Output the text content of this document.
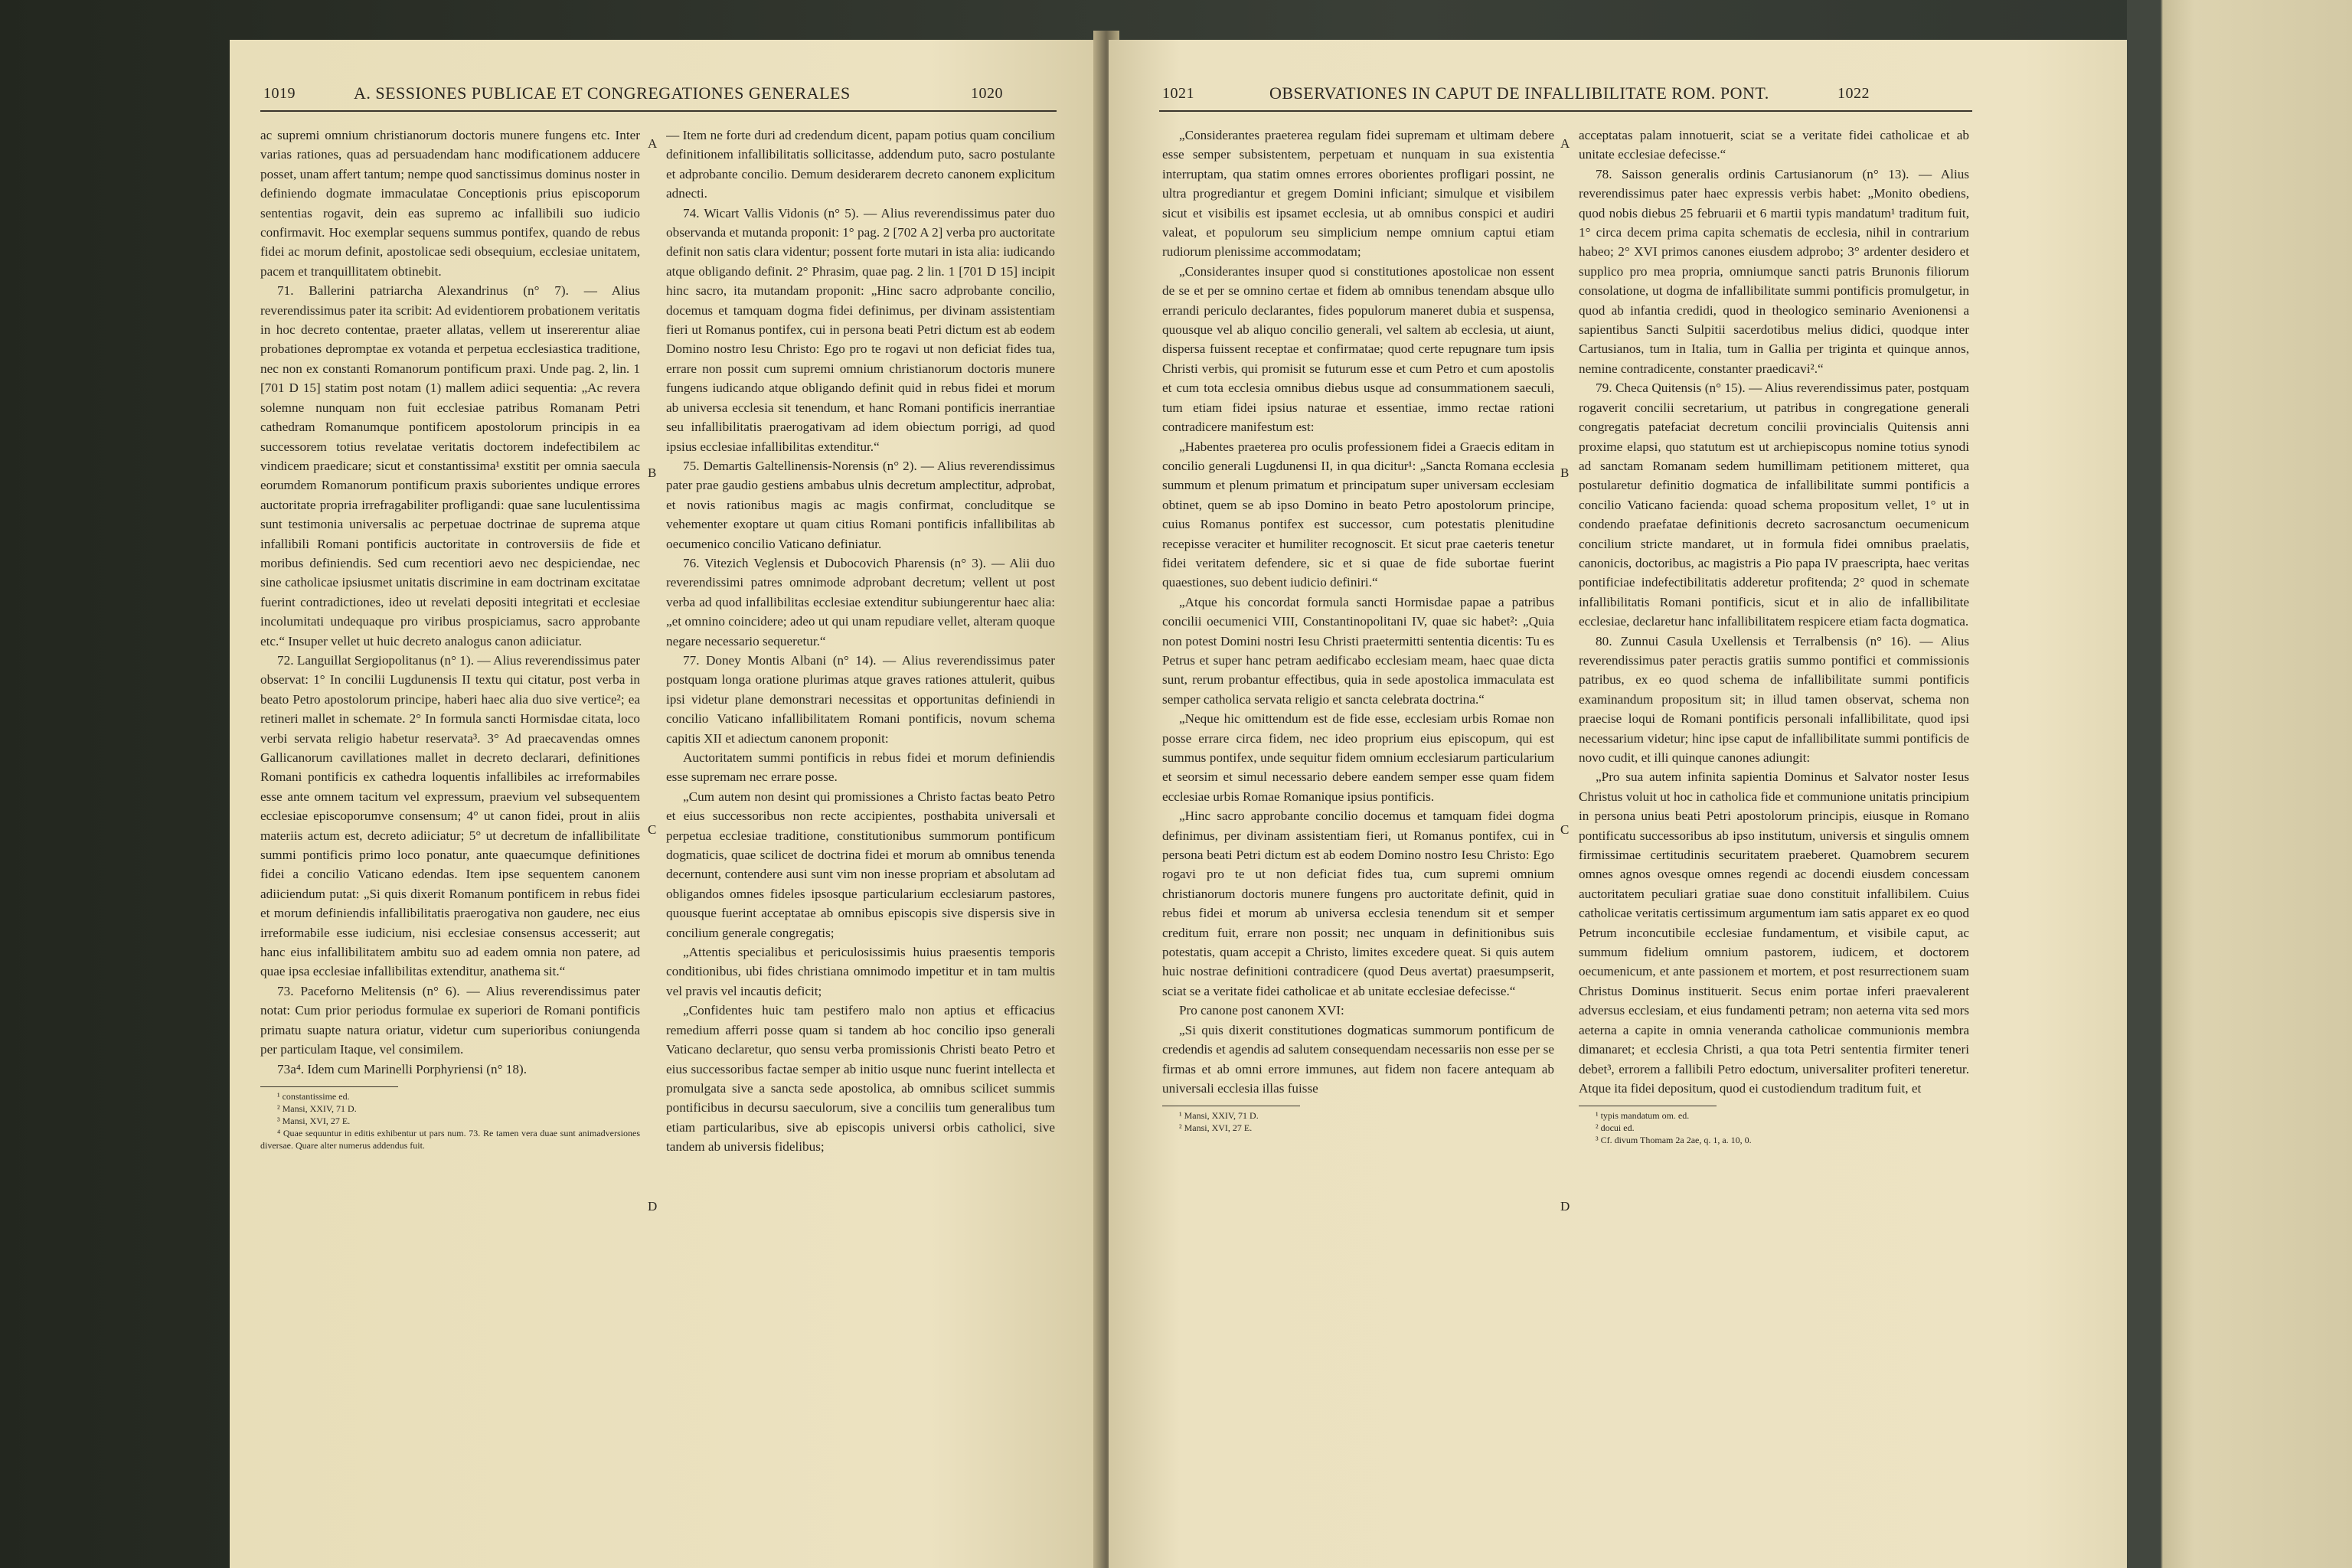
1019	A. SESSIONES PUBLICAE ET CONGREGATIONES GENERALES	1020

ac supremi omnium christianorum doctoris munere fungens etc. Inter varias rationes, quas ad persuadendam hanc modificationem adducere posset, unam affert tantum; nempe quod sanctissimus dominus noster in definiendo dogmate immaculatae Conceptionis prius episcoporum sententias rogavit, dein eas supremo ac infallibili suo iudicio confirmavit. Hoc exemplar sequens summus pontifex, quando de rebus fidei ac morum definit, apostolicae sedi obsequium, ecclesiae unitatem, pacem et tranquillitatem obtinebit.

71. Ballerini patriarcha Alexandrinus (n° 7). — Alius reverendissimus pater ita scribit: Ad evidentiorem probationem veritatis in hoc decreto contentae, praeter allatas, vellem ut insererentur aliae probationes depromptae ex votanda et perpetua ecclesiastica traditione, nec non ex constanti Romanorum pontificum praxi. Unde pag. 2, lin. 1 [701 D 15] statim post notam (1) mallem adiici sequentia: „Ac revera solemne nunquam non fuit ecclesiae patribus Romanam Petri cathedram Romanumque pontificem apostolorum principis in ea successorem totius revelatae veritatis doctorem indefectibilem ac vindicem praedicare; sicut et constantissima¹ exstitit per omnia saecula eorumdem Romanorum pontificum praxis suborientes undique errores auctoritate propria irrefragabiliter profligandi: quae sane luculentissima sunt testimonia universalis ac perpetuae doctrinae de suprema atque infallibili Romani pontificis auctoritate in controversiis de fide et moribus definiendis. Sed cum recentiori aevo nec despiciendae, nec sine catholicae ipsiusmet unitatis discrimine in eam doctrinam excitatae fuerint contradictiones, ideo ut revelati depositi integritati et ecclesiae incolumitati undequaque pro viribus prospiciamus, sacro approbante etc.“ Insuper vellet ut huic decreto analogus canon adiiciatur.

72. Languillat Sergiopolitanus (n° 1). — Alius reverendissimus pater observat: 1° In concilii Lugdunensis II textu qui citatur, post verba in beato Petro apostolorum principe, haberi haec alia duo sive vertice²; ea retineri mallet in schemate. 2° In formula sancti Hormisdae citata, loco verbi servata religio habetur reservata³. 3° Ad praecavendas omnes Gallicanorum cavillationes mallet in decreto declarari, definitiones Romani pontificis ex cathedra loquentis infallibiles ac irreformabiles esse ante omnem tacitum vel expressum, praevium vel subsequentem ecclesiae episcoporumve consensum; 4° ut canon fidei, prout in aliis materiis actum est, decreto adiiciatur; 5° ut decretum de infallibilitate summi pontificis primo loco ponatur, ante quaecumque definitiones fidei a concilio Vaticano edendas. Item ipse sequentem canonem adiiciendum putat: „Si quis dixerit Romanum pontificem in rebus fidei et morum definiendis infallibilitatis praerogativa non gaudere, nec eius irreformabile esse iudicium, nisi ecclesiae consensus accesserit; aut hanc eius infallibilitatem ambitu suo ad eadem omnia non patere, ad quae ipsa ecclesiae infallibilitas extenditur, anathema sit.“

73. Paceforno Melitensis (n° 6). — Alius reverendissimus pater notat: Cum prior periodus formulae ex superiori de Romani pontificis primatu suapte natura oriatur, videtur cum superioribus coniungenda per particulam Itaque, vel consimilem.

73a⁴. Idem cum Marinelli Porphyriensi (n° 18).

¹ constantissime ed.

² Mansi, XXIV, 71 D.

³ Mansi, XVI, 27 E.

⁴ Quae sequuntur in editis exhibentur ut pars num. 73. Re tamen vera duae sunt animadversiones diversae. Quare alter numerus addendus fuit.

— Item ne forte duri ad credendum dicent, papam potius quam concilium definitionem infallibilitatis sollicitasse, addendum puto, sacro postulante et adprobante concilio. Demum desiderarem decreto canonem explicitum adnecti.

74. Wicart Vallis Vidonis (n° 5). — Alius reverendissimus pater duo observanda et mutanda proponit: 1° pag. 2 [702 A 2] verba pro auctoritate definit non satis clara videntur; possent forte mutari in ista alia: iudicando atque obligando definit. 2° Phrasim, quae pag. 2 lin. 1 [701 D 15] incipit hinc sacro, ita mutandam proponit: „Hinc sacro adprobante concilio, docemus et tamquam dogma fidei definimus, per divinam assistentiam fieri ut Romanus pontifex, cui in persona beati Petri dictum est ab eodem Domino nostro Iesu Christo: Ego pro te rogavi ut non deficiat fides tua, errare non possit cum supremi omnium christianorum doctoris munere fungens iudicando atque obligando definit quid in rebus fidei et morum ab universa ecclesia sit tenendum, et hanc Romani pontificis inerrantiae seu infallibilitatis praerogativam ad idem obiectum porrigi, ad quod ipsius ecclesiae infallibilitas extenditur.“

75. Demartis Galtellinensis-Norensis (n° 2). — Alius reverendissimus pater prae gaudio gestiens ambabus ulnis decretum amplectitur, adprobat, et novis rationibus magis ac magis confirmat, concluditque se vehementer exoptare ut quam citius Romani pontificis infallibilitas ab oecumenico concilio Vaticano definiatur.

76. Vitezich Veglensis et Dubocovich Pharensis (n° 3). — Alii duo reverendissimi patres omnimode adprobant decretum; vellent ut post verba ad quod infallibilitas ecclesiae extenditur subiungerentur haec alia: „et omnino coincidere; adeo ut qui unam repudiare vellet, alteram quoque negare necessario sequeretur.“

77. Doney Montis Albani (n° 14). — Alius reverendissimus pater postquam longa oratione plurimas atque graves rationes attulerit, quibus ipsi videtur plane demonstrari necessitas et opportunitas definiendi in concilio Vaticano infallibilitatem Romani pontificis, novum schema capitis XII et adiectum canonem proponit:

Auctoritatem summi pontificis in rebus fidei et morum definiendis esse supremam nec errare posse.

„Cum autem non desint qui promissiones a Christo factas beato Petro et eius successoribus non recte accipientes, posthabita universali et perpetua ecclesiae traditione, constitutionibus summorum pontificum dogmaticis, quae scilicet de doctrina fidei et morum ab omnibus tenenda decernunt, contendere ausi sunt vim non inesse propriam et absolutam ad obligandos omnes fideles ipsosque particularium ecclesiarum pastores, quousque fuerint acceptatae ab omnibus episcopis sive dispersis sive in concilium generale congregatis;

„Attentis specialibus et periculosissimis huius praesentis temporis conditionibus, ubi fides christiana omnimodo impetitur et in tam multis vel pravis vel incautis deficit;

„Confidentes huic tam pestifero malo non aptius et efficacius remedium afferri posse quam si tandem ab hoc concilio ipso generali Vaticano declaretur, quo sensu verba promissionis Christi beato Petro et eius successoribus factae semper ab initio usque nunc fuerint intellecta et promulgata sive a sancta sede apostolica, ab omnibus scilicet summis pontificibus in decursu saeculorum, sive a conciliis tum generalibus tum etiam particularibus, sive ab episcopis universi orbis catholici, sive tandem ab universis fidelibus;

A
B
C
D
1021	OBSERVATIONES IN CAPUT DE INFALLIBILITATE ROM. PONT.	1022

„Considerantes praeterea regulam fidei supremam et ultimam debere esse semper subsistentem, perpetuam et nunquam in sua existentia interruptam, qua statim omnes errores oborientes profligari possint, ne ultra progrediantur et gregem Domini inficiant; simulque et visibilem sicut et visibilis est ipsamet ecclesia, ut ab omnibus conspici et audiri valeat, et populorum seu simplicium nempe omnium captui etiam rudiorum plenissime accommodatam;

„Considerantes insuper quod si constitutiones apostolicae non essent de se et per se omnino certae et fidem ab omnibus tenendam absque ullo errandi periculo declarantes, fides populorum maneret dubia et suspensa, quousque vel ab aliquo concilio generali, vel saltem ab ecclesia, ut aiunt, dispersa fuissent receptae et confirmatae; quod certe repugnare tum ipsis Christi verbis, qui promisit se futurum esse et cum Petro et cum apostolis et cum tota ecclesia omnibus diebus usque ad consummationem saeculi, tum etiam fidei ipsius naturae et essentiae, immo rectae rationi contradicere manifestum est:

„Habentes praeterea pro oculis professionem fidei a Graecis editam in concilio generali Lugdunensi II, in qua dicitur¹: „Sancta Romana ecclesia summum et plenum primatum et principatum super universam ecclesiam obtinet, quem se ab ipso Domino in beato Petro apostolorum principe, cuius Romanus pontifex est successor, cum potestatis plenitudine recepisse veraciter et humiliter recognoscit. Et sicut prae caeteris tenetur fidei veritatem defendere, sic et si quae de fide subortae fuerint quaestiones, suo debent iudicio definiri.“

„Atque his concordat formula sancti Hormisdae papae a patribus concilii oecumenici VIII, Constantinopolitani IV, quae sic habet²: „Quia non potest Domini nostri Iesu Christi praetermitti sententia dicentis: Tu es Petrus et super hanc petram aedificabo ecclesiam meam, haec quae dicta sunt, rerum probantur effectibus, quia in sede apostolica immaculata est semper catholica servata religio et sancta celebrata doctrina.“

„Neque hic omittendum est de fide esse, ecclesiam urbis Romae non posse errare circa fidem, nec ideo proprium eius episcopum, qui est summus pontifex, unde sequitur fidem omnium ecclesiarum particularium et seorsim et simul necessario debere eandem semper esse quam fidem ecclesiae urbis Romae Romanique ipsius pontificis.

„Hinc sacro approbante concilio docemus et tamquam fidei dogma definimus, per divinam assistentiam fieri, ut Romanus pontifex, cui in persona beati Petri dictum est ab eodem Domino nostro Iesu Christo: Ego rogavi pro te ut non deficiat fides tua, cum supremi omnium christianorum doctoris munere fungens pro auctoritate definit, quid in rebus fidei et morum ab universa ecclesia tenendum sit et semper creditum fuit, errare non possit; nec unquam in definitionibus suis potestatis, quam accepit a Christo, limites excedere queat. Si quis autem huic nostrae definitioni contradicere (quod Deus avertat) praesumpserit, sciat se a veritate fidei catholicae et ab unitate ecclesiae defecisse.“

Pro canone post canonem XVI:

„Si quis dixerit constitutiones dogmaticas summorum pontificum de credendis et agendis ad salutem consequendam necessariis non esse per se firmas et ab omni errore immunes, aut fidem non facere antequam ab universali ecclesia illas fuisse

¹ Mansi, XXIV, 71 D.

² Mansi, XVI, 27 E.

acceptatas palam innotuerit, sciat se a veritate fidei catholicae et ab unitate ecclesiae defecisse.“

78. Saisson generalis ordinis Cartusianorum (n° 13). — Alius reverendissimus pater haec expressis verbis habet: „Monito obediens, quod nobis diebus 25 februarii et 6 martii typis mandatum¹ traditum fuit, 1° circa decem prima capita schematis de ecclesia, nihil in contrarium habeo; 2° XVI primos canones eiusdem adprobo; 3° ardenter desidero et supplico pro mea propria, omniumque sancti patris Brunonis filiorum consolatione, ut dogma de infallibilitate summi pontificis promulgetur, in quod ab infantia credidi, quod in theologico seminario Avenionensi a sapientibus Sancti Sulpitii sacerdotibus melius didici, quodque inter Cartusianos, tum in Italia, tum in Gallia per triginta et quinque annos, nemine contradicente, constanter praedicavi².“

79. Checa Quitensis (n° 15). — Alius reverendissimus pater, postquam rogaverit concilii secretarium, ut patribus in congregatione generali congregatis patefaciat decretum concilii provincialis Quitensis anni proxime elapsi, quo statutum est ut archiepiscopus nomine totius synodi ad sanctam Romanam sedem humillimam petitionem mitteret, qua postularetur definitio dogmatica de infallibilitate summi pontificis a concilio Vaticano facienda: quoad schema propositum vellet, 1° ut in condendo praefatae definitionis decreto sacrosanctum oecumenicum concilium stricte mandaret, ut in formula fidei omnibus praelatis, canonicis, doctoribus, ac magistris a Pio papa IV praescripta, haec veritas pontificiae indefectibilitatis adderetur profitenda; 2° quod in schemate infallibilitatis Romani pontificis, sicut et in alio de infallibilitate ecclesiae, declaretur hanc infallibilitatem respicere etiam facta dogmatica.

80. Zunnui Casula Uxellensis et Terralbensis (n° 16). — Alius reverendissimus pater peractis gratiis summo pontifici et commissionis patribus, ex eo quod schema de infallibilitate summi pontificis examinandum propositum sit; in illud tamen observat, schema non praecise loqui de Romani pontificis personali infallibilitate, quod ipsi necessarium videtur; hinc ipse caput de infallibilitate summi pontificis de novo cudit, et illi quinque canones adiungit:

„Pro sua autem infinita sapientia Dominus et Salvator noster Iesus Christus voluit ut hoc in catholica fide et communione unitatis principium in persona unius beati Petri apostolorum principis, eiusque in Romano pontificatu successoribus ab ipso institutum, universis et singulis omnem firmissimae certitudinis securitatem praeberet. Quamobrem securem omnes agnos ovesque omnes regendi ac docendi eiusdem concessam auctoritatem peculiari gratiae suae dono constituit infallibilem. Cuius catholicae veritatis certissimum argumentum iam satis apparet ex eo quod Petrum inconcutibile ecclesiae fundamentum, et visibile caput, ac summum fidelium omnium pastorem, iudicem, et doctorem oecumenicum, et ante passionem et mortem, et post resurrectionem suam Christus Dominus instituerit. Secus enim portae inferi praevalerent adversus ecclesiam, et eius fundamenti petram; non aeterna vita sed mors aeterna a capite in omnia veneranda catholicae communionis membra dimanaret; et ecclesia Christi, a qua tota Petri sententia firmiter teneri debet³, errorem a fallibili Petro edoctum, universaliter profiteri teneretur. Atque ita fidei depositum, quod ei custodiendum traditum fuit, et

¹ typis mandatum om. ed.

² docui ed.

³ Cf. divum Thomam 2a 2ae, q. 1, a. 10, 0.

A
B
C
D
